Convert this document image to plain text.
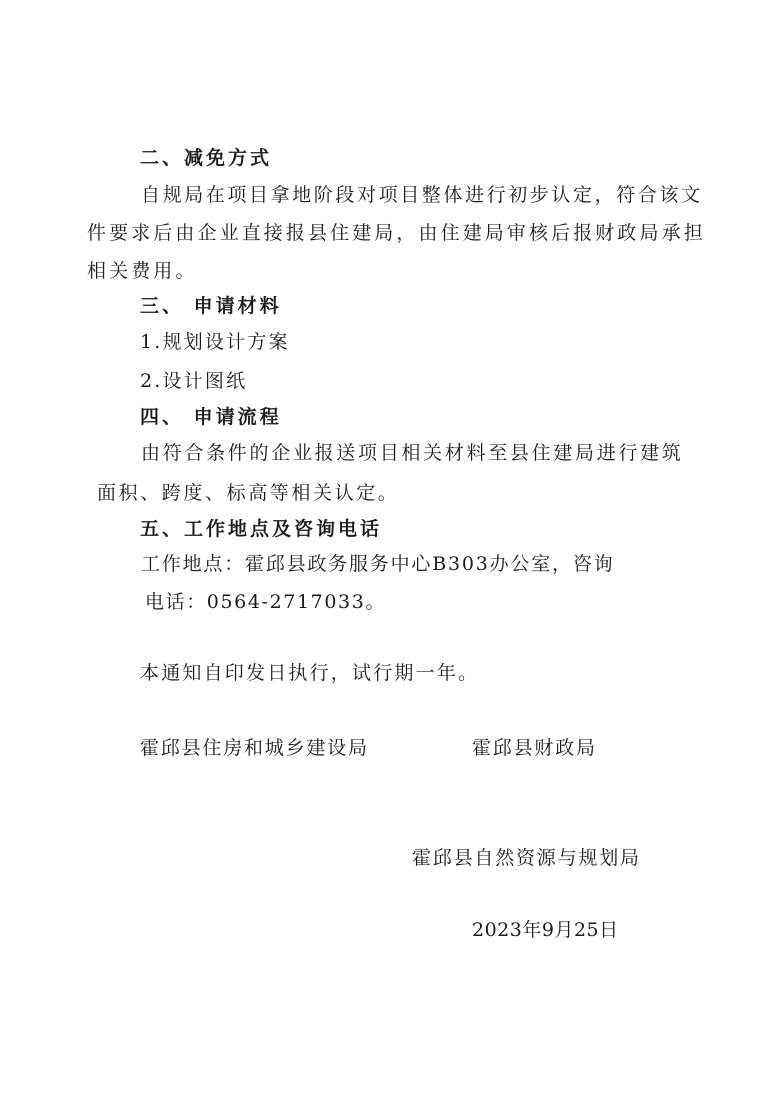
二、减免方式
自规局在项目拿地阶段对项目整体进行初步认定，符合该文
件要求后由企业直接报县住建局，由住建局审核后报财政局承担
相关费用。
三、 申请材料
1.规划设计方案
2.设计图纸
四、 申请流程
由符合条件的企业报送项目相关材料至县住建局进行建筑
面积、跨度、标高等相关认定。
五、工作地点及咨询电话
工作地点：霍邱县政务服务中心B303办公室，咨询
电话：0564-2717033。
本通知自印发日执行，试行期一年。
霍邱县住房和城乡建设局	霍邱县财政局
霍邱县自然资源与规划局
2023年9月25日
